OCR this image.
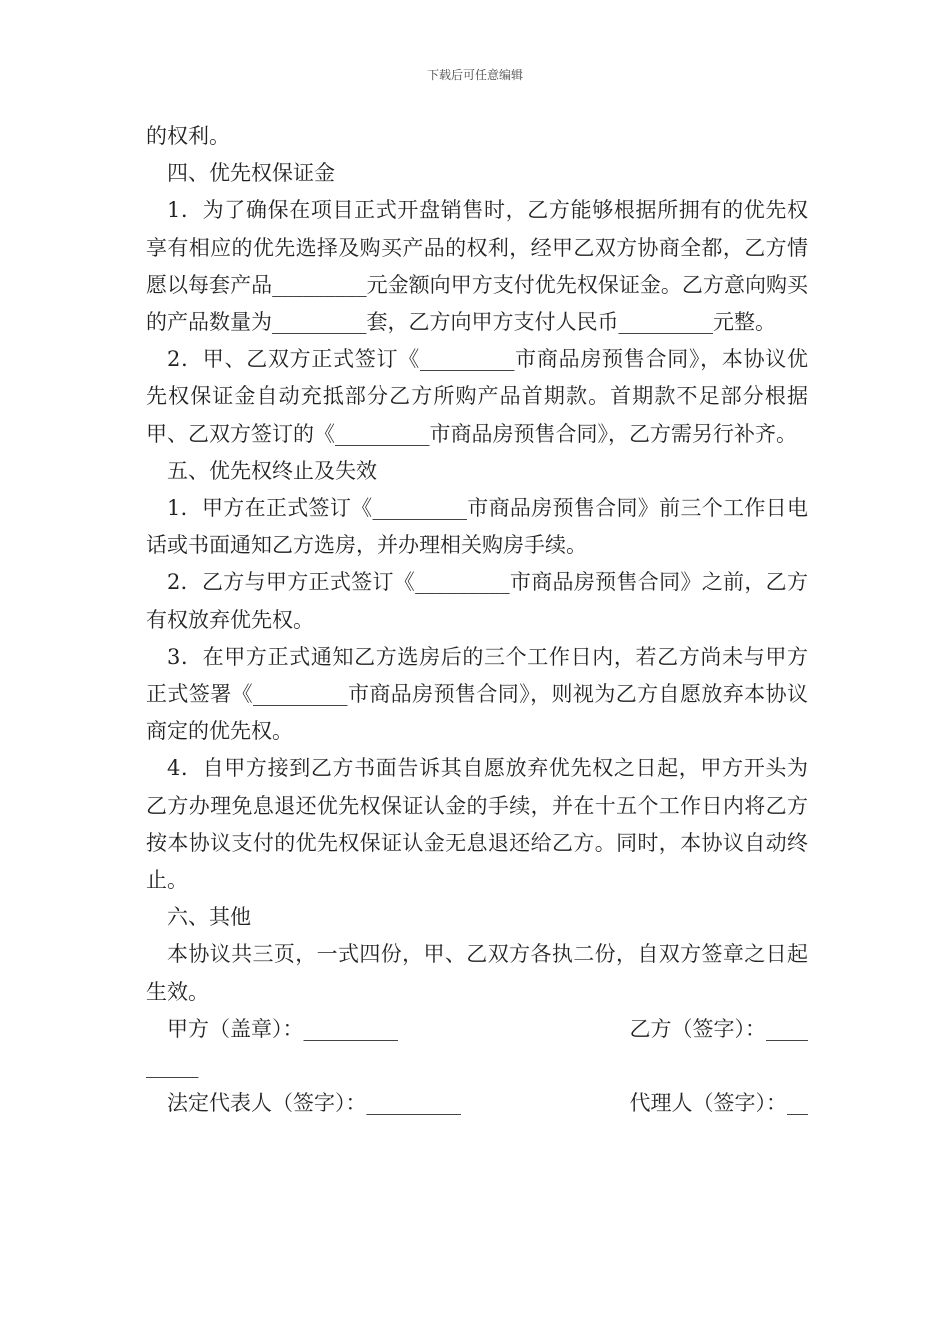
下载后可任意编辑

的权利。

四、优先权保证金

1．为了确保在项目正式开盘销售时，乙方能够根据所拥有的优先权享有相应的优先选择及购买产品的权利，经甲乙双方协商全都，乙方情愿以每套产品_________元金额向甲方支付优先权保证金。乙方意向购买的产品数量为_________套，乙方向甲方支付人民币_________元整。

2．甲、乙双方正式签订《_________市商品房预售合同》，本协议优先权保证金自动充抵部分乙方所购产品首期款。首期款不足部分根据甲、乙双方签订的《_________市商品房预售合同》，乙方需另行补齐。

五、优先权终止及失效

1．甲方在正式签订《_________市商品房预售合同》前三个工作日电话或书面通知乙方选房，并办理相关购房手续。

2．乙方与甲方正式签订《_________市商品房预售合同》之前，乙方有权放弃优先权。

3．在甲方正式通知乙方选房后的三个工作日内，若乙方尚未与甲方正式签署《_________市商品房预售合同》，则视为乙方自愿放弃本协议商定的优先权。

4．自甲方接到乙方书面告诉其自愿放弃优先权之日起，甲方开头为乙方办理免息退还优先权保证认金的手续，并在十五个工作日内将乙方按本协议支付的优先权保证认金无息退还给乙方。同时，本协议自动终止。

六、其他

本协议共三页，一式四份，甲、乙双方各执二份，自双方签章之日起生效。

甲方（盖章）：_________	乙方（签字）：____
_____
法定代表人（签字）：_________	代理人（签字）：__
